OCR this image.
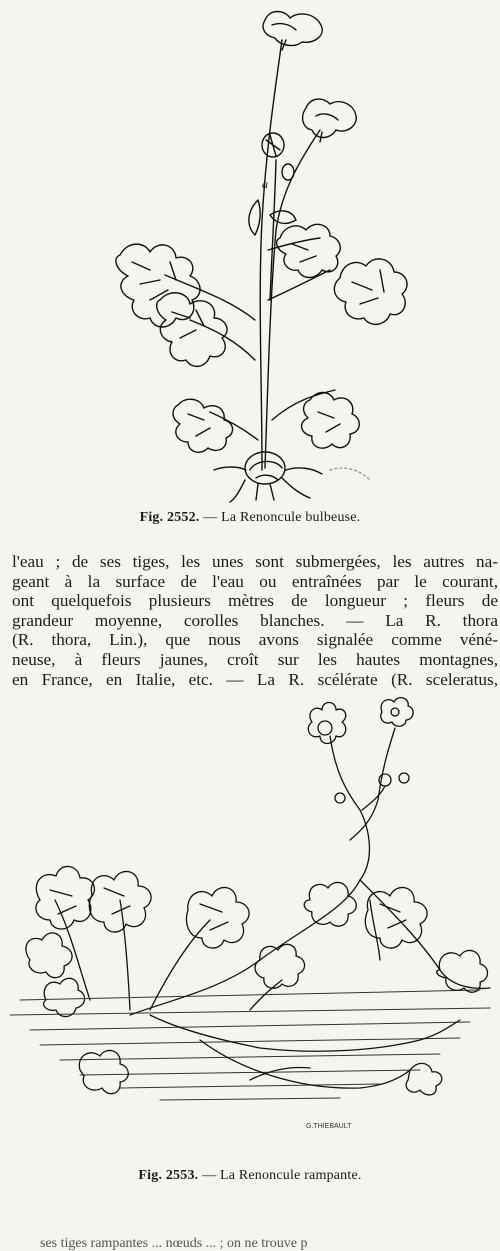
a
Fig. 2552. — La Renoncule bulbeuse.

l'eau ; de ses tiges, les unes sont submergées, les autres na-
geant à la surface de l'eau ou entraînées par le courant,
ont quelquefois plusieurs mètres de longueur ; fleurs de
grandeur moyenne, corolles blanches. — La R. thora
(R. thora, Lin.), que nous avons signalée comme véné-
neuse, à fleurs jaunes, croît sur les hautes montagnes,
en France, en Italie, etc. — La R. scélérate (R. sceleratus,

G.THIEBAULT
Fig. 2553. — La Renoncule rampante.
ses tiges rampantes ... nœuds ... ; on ne trouve p
